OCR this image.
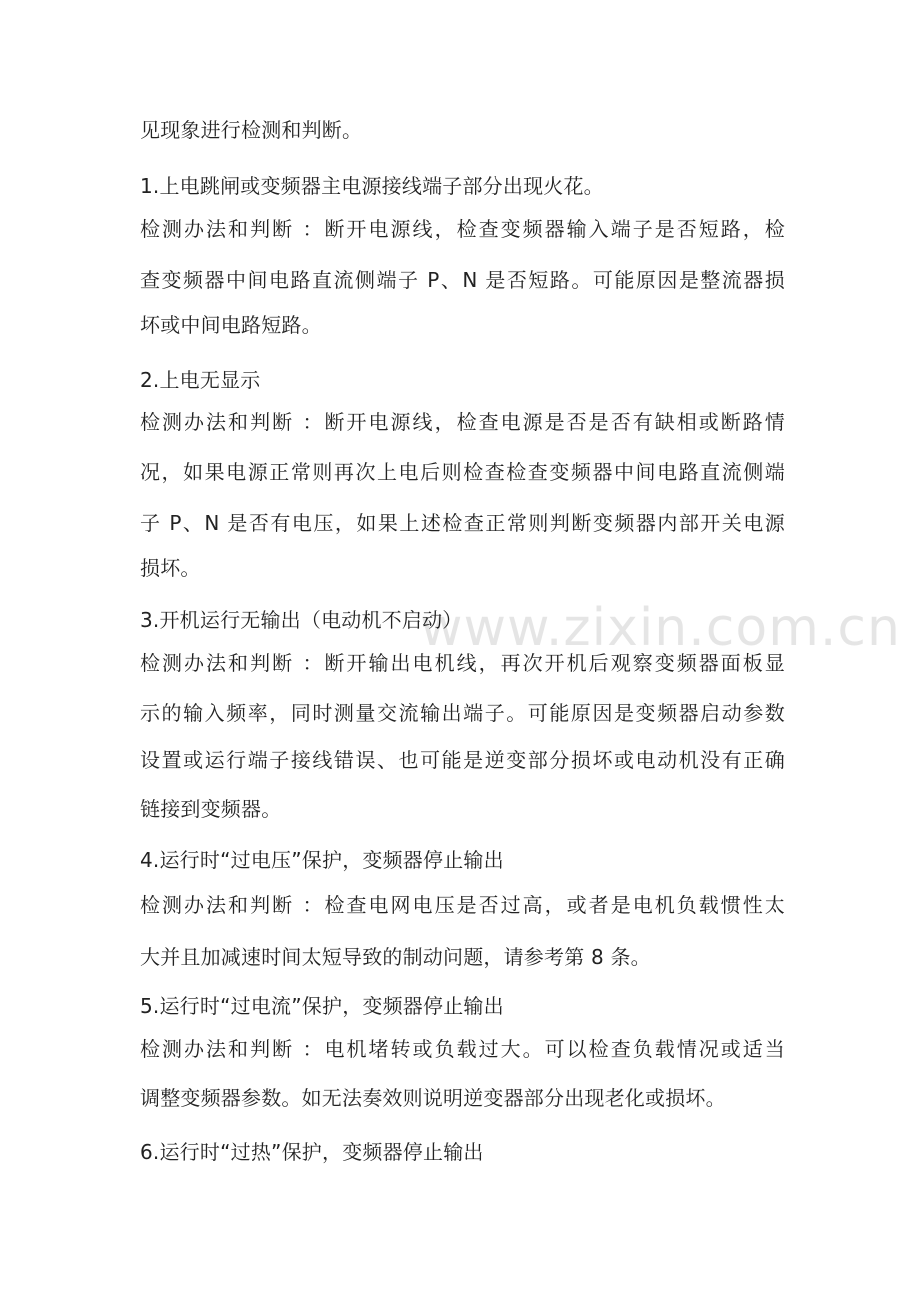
见现象进行检测和判断。
1.上电跳闸或变频器主电源接线端子部分出现火花。
检测办法和判断 ：断开电源线，检查变频器输入端子是否短路，检
查变频器中间电路直流侧端子 P、N 是否短路。可能原因是整流器损
坏或中间电路短路。
2.上电无显示
检测办法和判断 ：断开电源线，检查电源是否是否有缺相或断路情
况，如果电源正常则再次上电后则检查检查变频器中间电路直流侧端
子 P、N 是否有电压，如果上述检查正常则判断变频器内部开关电源
损坏。
3.开机运行无输出（电动机不启动）
检测办法和判断 ：断开输出电机线，再次开机后观察变频器面板显
示的输入频率，同时测量交流输出端子。可能原因是变频器启动参数
设置或运行端子接线错误、也可能是逆变部分损坏或电动机没有正确
链接到变频器。
4.运行时“过电压”保护，变频器停止输出
检测办法和判断 ：检查电网电压是否过高，或者是电机负载惯性太
大并且加减速时间太短导致的制动问题，请参考第 8 条。
5.运行时“过电流”保护，变频器停止输出
检测办法和判断 ：电机堵转或负载过大。可以检查负载情况或适当
调整变频器参数。如无法奏效则说明逆变器部分出现老化或损坏。
6.运行时“过热”保护，变频器停止输出
www.zixin.com.cn
